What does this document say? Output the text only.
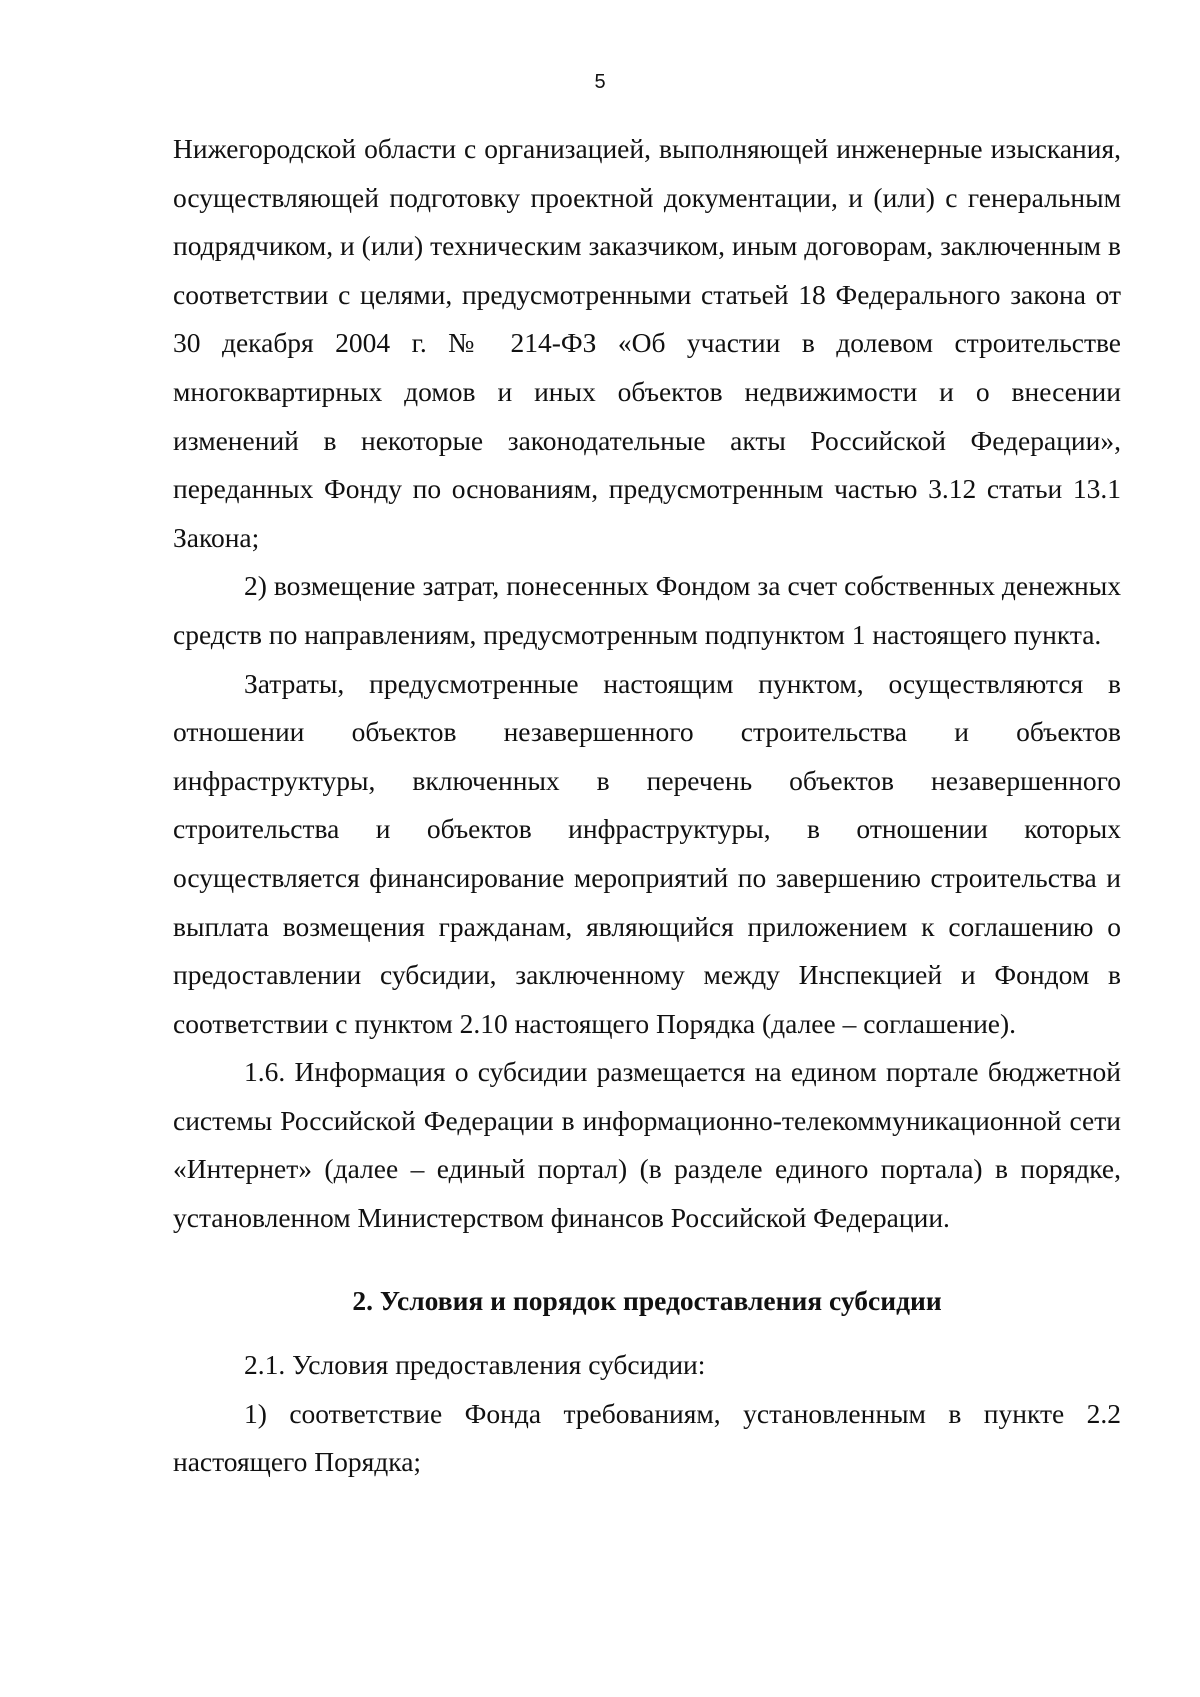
5

Нижегородской области с организацией, выполняющей инженерные изыскания, осуществляющей подготовку проектной документации, и (или) с генеральным подрядчиком, и (или) техническим заказчиком, иным договорам, заключенным в соответствии с целями, предусмотренными статьей 18 Федерального закона от 30 декабря 2004 г. № 214-ФЗ «Об участии в долевом строительстве многоквартирных домов и иных объектов недвижимости и о внесении изменений в некоторые законодательные акты Российской Федерации», переданных Фонду по основаниям, предусмотренным частью 3.12 статьи 13.1 Закона;

2) возмещение затрат, понесенных Фондом за счет собственных денежных средств по направлениям, предусмотренным подпунктом 1 настоящего пункта.

Затраты, предусмотренные настоящим пунктом, осуществляются в отношении объектов незавершенного строительства и объектов инфраструктуры, включенных в перечень объектов незавершенного строительства и объектов инфраструктуры, в отношении которых осуществляется финансирование мероприятий по завершению строительства и выплата возмещения гражданам, являющийся приложением к соглашению о предоставлении субсидии, заключенному между Инспекцией и Фондом в соответствии с пунктом 2.10 настоящего Порядка (далее – соглашение).

1.6. Информация о субсидии размещается на едином портале бюджетной системы Российской Федерации в информационно-телекоммуникационной сети «Интернет» (далее – единый портал) (в разделе единого портала) в порядке, установленном Министерством финансов Российской Федерации.

2. Условия и порядок предоставления субсидии

2.1. Условия предоставления субсидии:

1) соответствие Фонда требованиям, установленным в пункте 2.2 настоящего Порядка;
